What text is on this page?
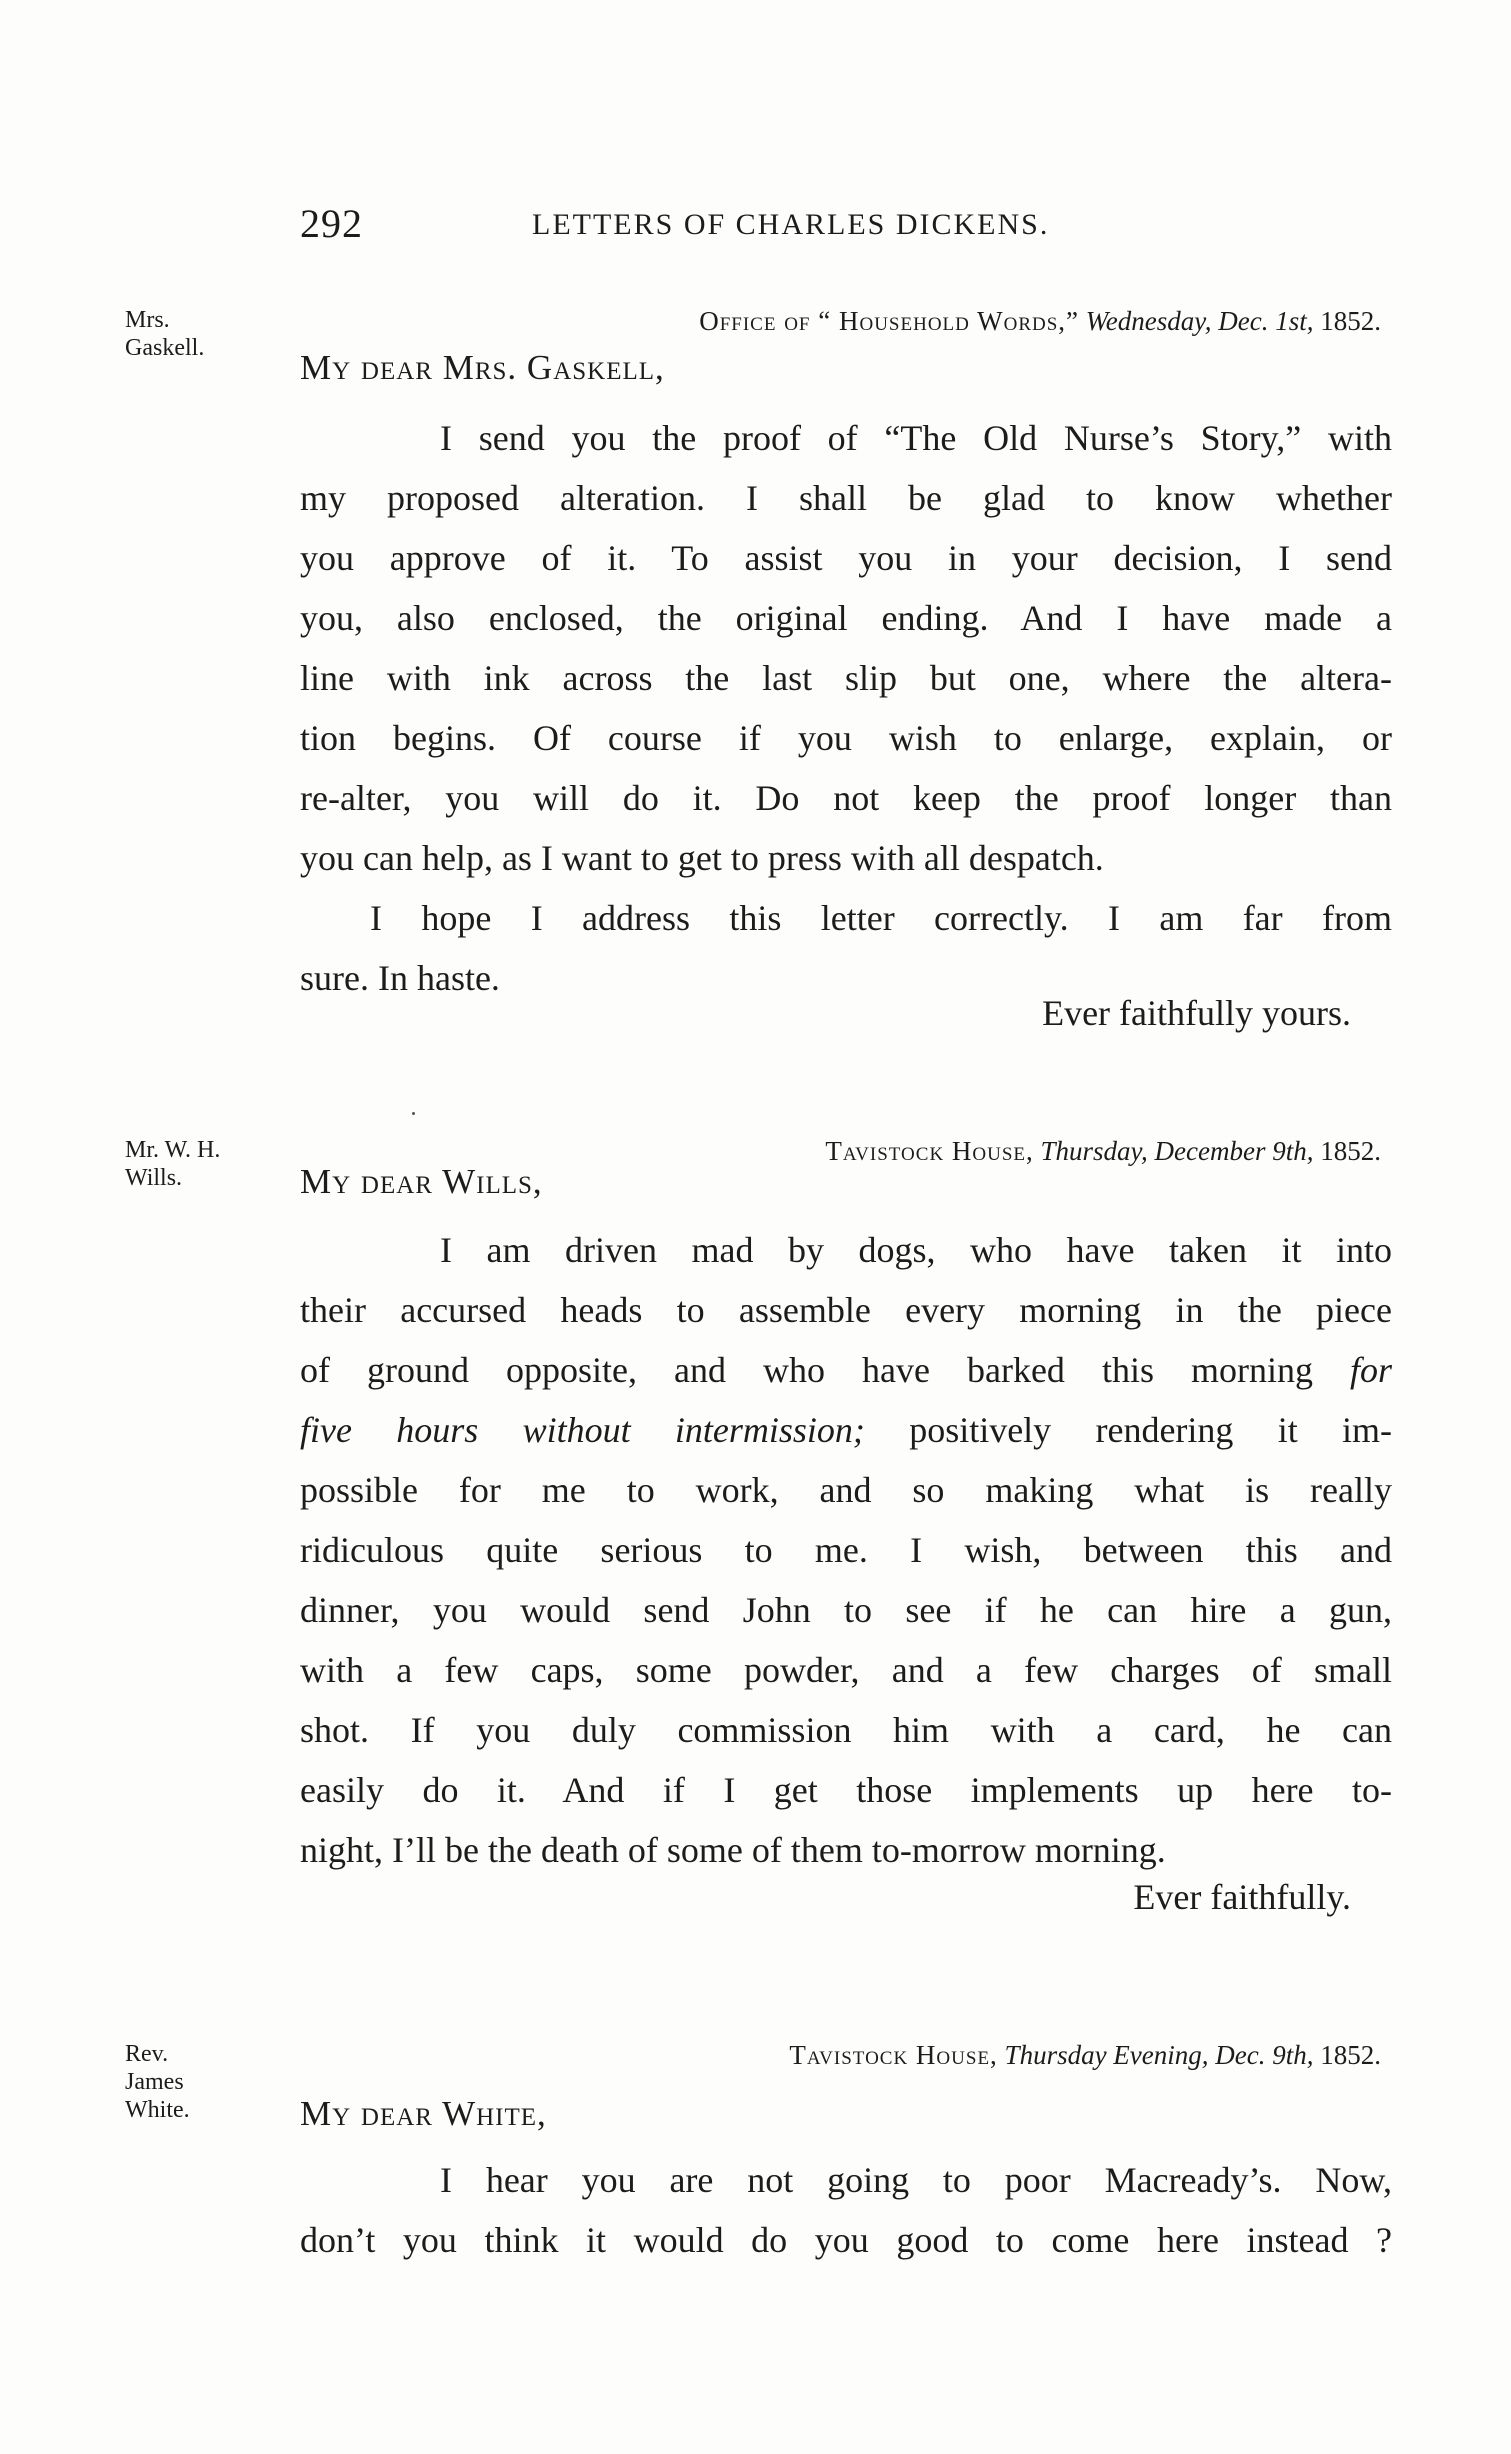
292	LETTERS OF CHARLES DICKENS.
Mrs.
Gaskell.
Office of “ Household Words,” Wednesday, Dec. 1st, 1852.
My dear Mrs. Gaskell,
I send you the proof of “The Old Nurse’s Story,” with
my proposed alteration. I shall be glad to know whether
you approve of it. To assist you in your decision, I send
you, also enclosed, the original ending. And I have made a
line with ink across the last slip but one, where the altera-
tion begins. Of course if you wish to enlarge, explain, or
re-alter, you will do it. Do not keep the proof longer than
you can help, as I want to get to press with all despatch.
I hope I address this letter correctly. I am far from
sure. In haste.
Ever faithfully yours.
Mr. W. H.
Wills.
Tavistock House, Thursday, December 9th, 1852.
My dear Wills,
I am driven mad by dogs, who have taken it into
their accursed heads to assemble every morning in the piece
of ground opposite, and who have barked this morning for
five hours without intermission; positively rendering it im-
possible for me to work, and so making what is really
ridiculous quite serious to me. I wish, between this and
dinner, you would send John to see if he can hire a gun,
with a few caps, some powder, and a few charges of small
shot. If you duly commission him with a card, he can
easily do it. And if I get those implements up here to-
night, I’ll be the death of some of them to-morrow morning.
Ever faithfully.
Rev.
James
White.
Tavistock House, Thursday Evening, Dec. 9th, 1852.
My dear White,
I hear you are not going to poor Macready’s. Now,
don’t you think it would do you good to come here instead ?
